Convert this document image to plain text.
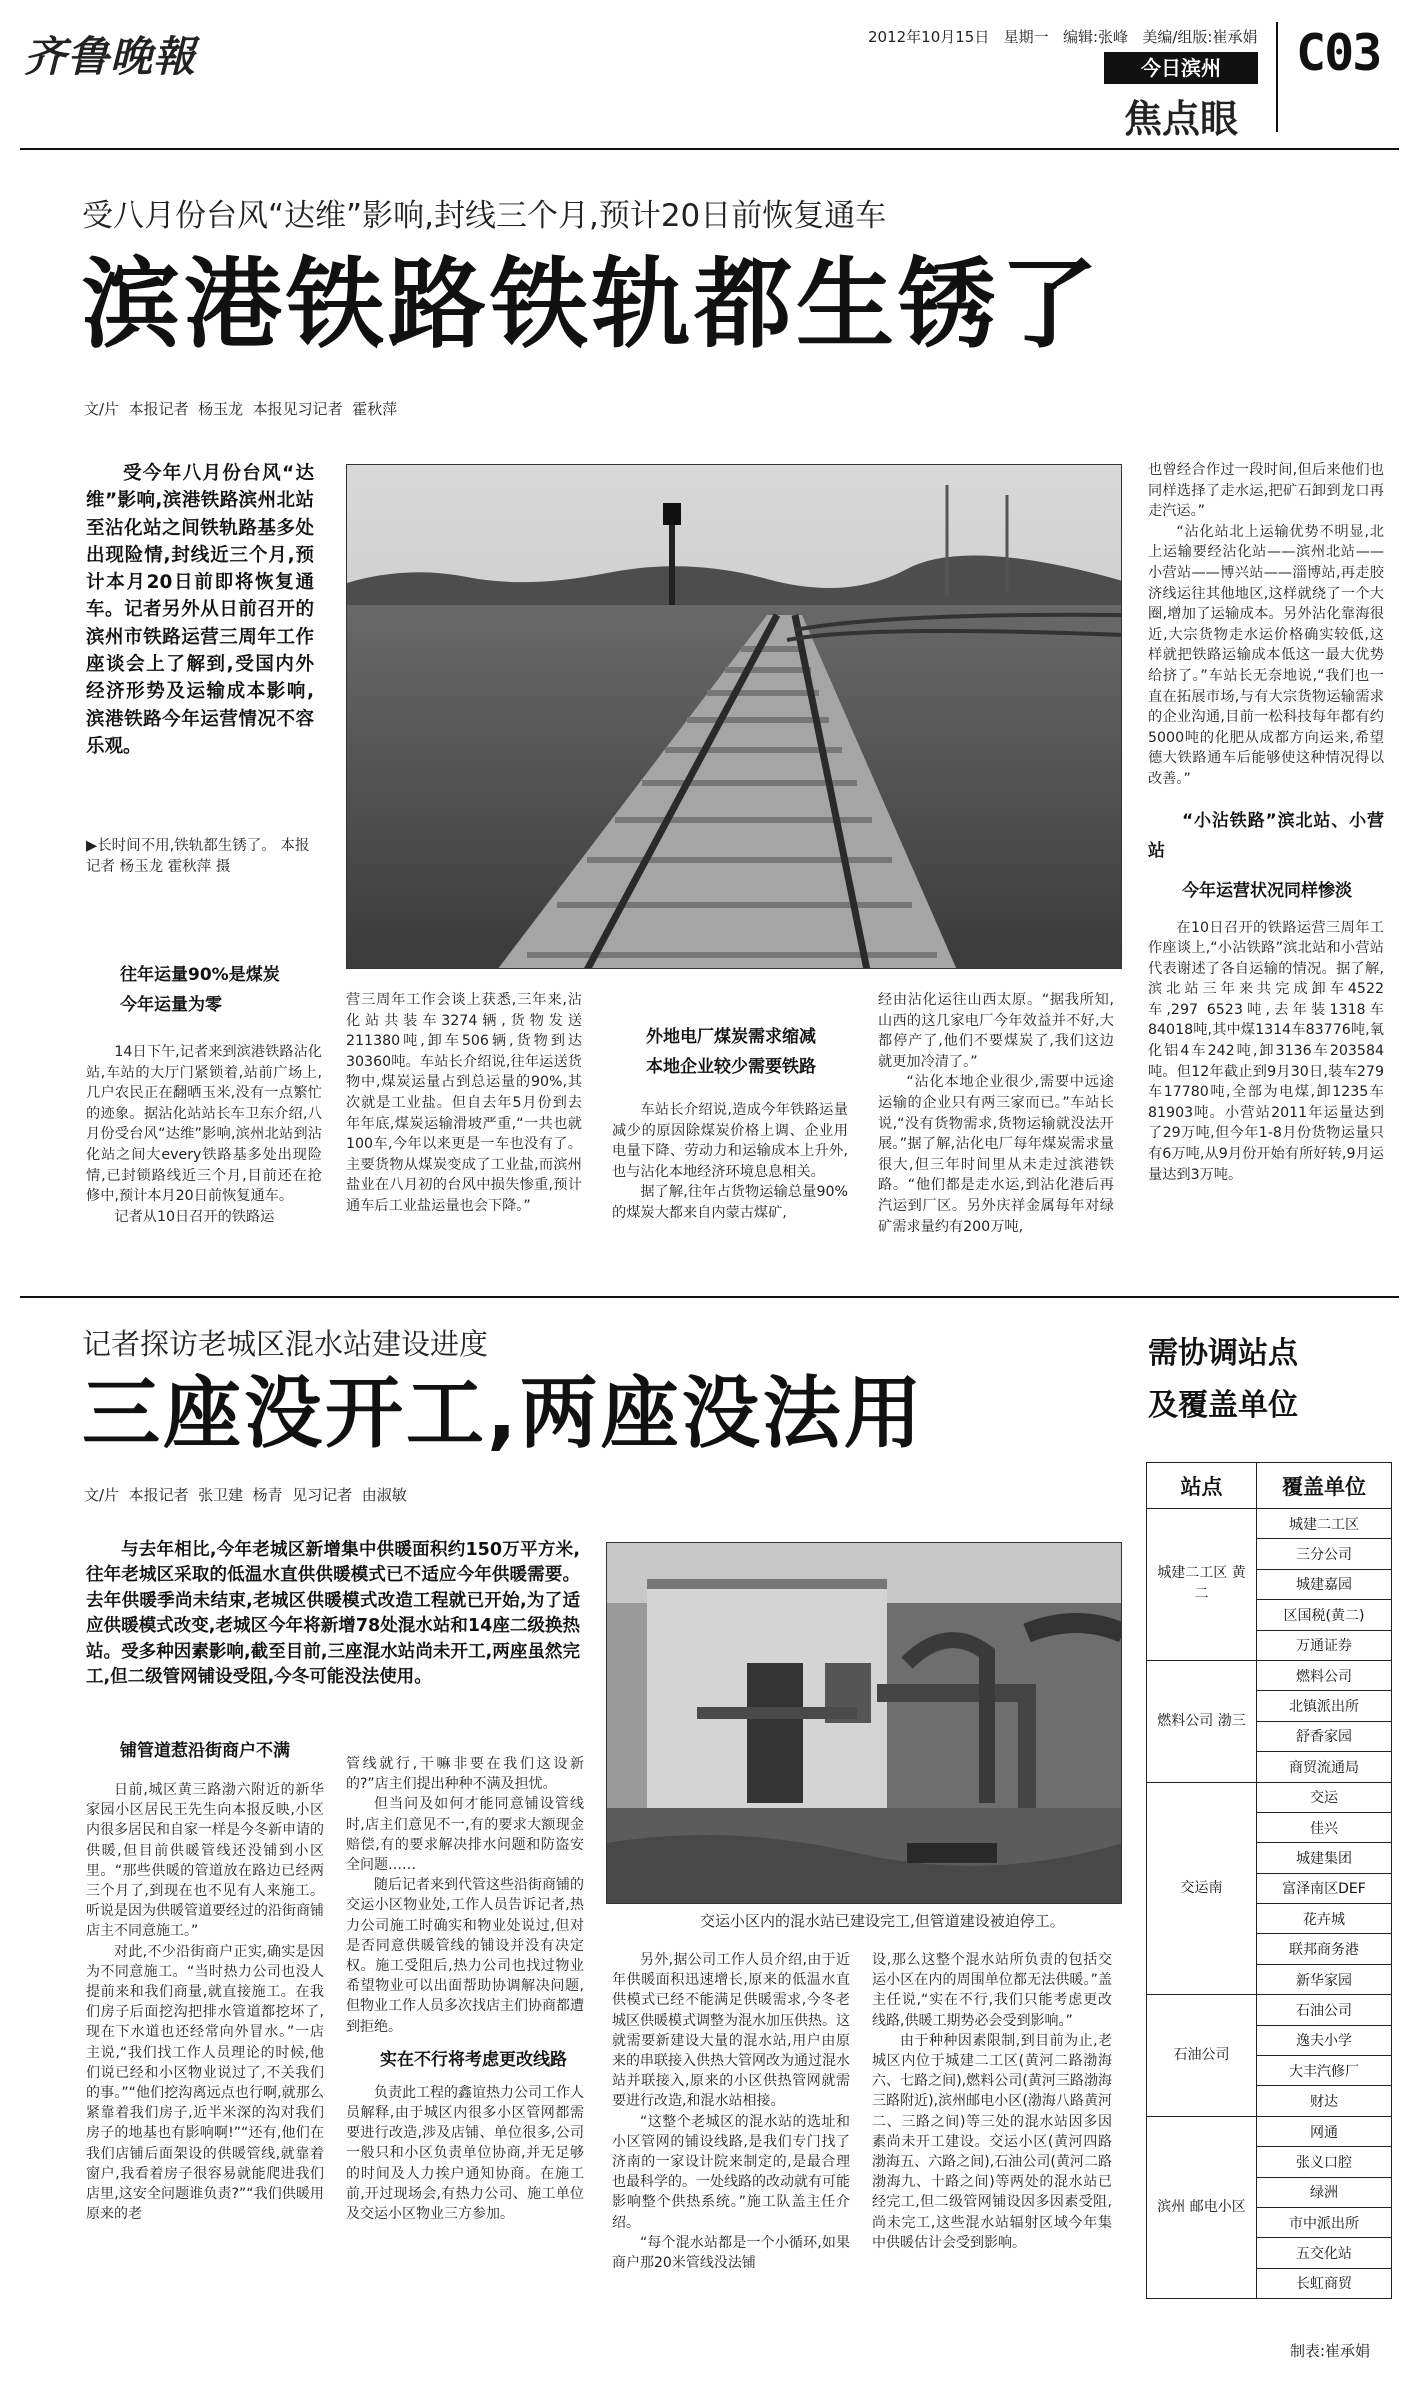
齐鲁晚報	2012年10月15日 星期一 编辑:张峰 美编/组版:崔承娟
今日滨州
焦点眼
C03
受八月份台风“达维”影响,封线三个月,预计20日前恢复通车
滨港铁路铁轨都生锈了
文/片  本报记者  杨玉龙  本报见习记者  霍秋萍

受今年八月份台风“达维”影响,滨港铁路滨州北站至沾化站之间铁轨路基多处出现险情,封线近三个月,预计本月20日前即将恢复通车。记者另外从日前召开的滨州市铁路运营三周年工作座谈会上了解到,受国内外经济形势及运输成本影响,滨港铁路今年运营情况不容乐观。

▶长时间不用,铁轨都生锈了。 本报记者 杨玉龙 霍秋萍 摄

往年运量90%是煤炭

今年运量为零

14日下午,记者来到滨港铁路沾化站,车站的大厅门紧锁着,站前广场上,几户农民正在翻晒玉米,没有一点繁忙的迹象。据沾化站站长车卫东介绍,八月份受台风“达维”影响,滨州北站到沾化站之间大every铁路基多处出现险情,已封锁路线近三个月,目前还在抢修中,预计本月20日前恢复通车。

记者从10日召开的铁路运

营三周年工作会谈上获悉,三年来,沾化站共装车3274辆,货物发送211380吨,卸车506辆,货物到达30360吨。车站长介绍说,往年运送货物中,煤炭运量占到总运量的90%,其次就是工业盐。但自去年5月份到去年年底,煤炭运输滑坡严重,“一共也就100车,今年以来更是一车也没有了。主要货物从煤炭变成了工业盐,而滨州盐业在八月初的台风中损失惨重,预计通车后工业盐运量也会下降。”

外地电厂煤炭需求缩减

本地企业较少需要铁路

车站长介绍说,造成今年铁路运量减少的原因除煤炭价格上调、企业用电量下降、劳动力和运输成本上升外,也与沾化本地经济环境息息相关。

据了解,往年占货物运输总量90%的煤炭大都来自内蒙古煤矿,

经由沾化运往山西太原。“据我所知,山西的这几家电厂今年效益并不好,大都停产了,他们不要煤炭了,我们这边就更加冷清了。”

“沾化本地企业很少,需要中远途运输的企业只有两三家而已。”车站长说,“没有货物需求,货物运输就没法开展。”据了解,沾化电厂每年煤炭需求量很大,但三年时间里从未走过滨港铁路。“他们都是走水运,到沾化港后再汽运到厂区。另外庆祥金属每年对绿矿需求量约有200万吨,

也曾经合作过一段时间,但后来他们也同样选择了走水运,把矿石卸到龙口再走汽运。”

“沾化站北上运输优势不明显,北上运输要经沾化站——滨州北站——小营站——博兴站——淄博站,再走胶济线运往其他地区,这样就绕了一个大圈,增加了运输成本。另外沾化靠海很近,大宗货物走水运价格确实较低,这样就把铁路运输成本低这一最大优势给挤了。”车站长无奈地说,“我们也一直在拓展市场,与有大宗货物运输需求的企业沟通,目前一松科技每年都有约5000吨的化肥从成都方向运来,希望德大铁路通车后能够使这种情况得以改善。”

“小沾铁路”滨北站、小营站

今年运营状况同样惨淡

在10日召开的铁路运营三周年工作座谈上,“小沾铁路”滨北站和小营站代表谢述了各自运输的情况。据了解,滨北站三年来共完成卸车4522车,297 6523吨,去年装1318车84018吨,其中煤1314车83776吨,氧化铝4车242吨,卸3136车203584吨。但12年截止到9月30日,装车279车17780吨,全部为电煤,卸1235车81903吨。小营站2011年运量达到了29万吨,但今年1-8月份货物运量只有6万吨,从9月份开始有所好转,9月运量达到3万吨。

记者探访老城区混水站建设进度
三座没开工,两座没法用
文/片  本报记者  张卫建  杨青  见习记者  由淑敏

与去年相比,今年老城区新增集中供暖面积约150万平方米,往年老城区采取的低温水直供供暖模式已不适应今年供暖需要。去年供暖季尚未结束,老城区供暖模式改造工程就已开始,为了适应供暖模式改变,老城区今年将新增78处混水站和14座二级换热站。受多种因素影响,截至目前,三座混水站尚未开工,两座虽然完工,但二级管网铺设受阻,今冬可能没法使用。

交运小区内的混水站已建设完工,但管道建设被迫停工。

铺管道惹沿街商户不满

日前,城区黄三路渤六附近的新华家园小区居民王先生向本报反映,小区内很多居民和自家一样是今冬新申请的供暖,但目前供暖管线还没铺到小区里。“那些供暖的管道放在路边已经两三个月了,到现在也不见有人来施工。听说是因为供暖管道要经过的沿街商铺店主不同意施工。”

对此,不少沿街商户正实,确实是因为不同意施工。“当时热力公司也没人提前来和我们商量,就直接施工。在我们房子后面挖沟把排水管道都挖坏了,现在下水道也还经常向外冒水。”一店主说,“我们找工作人员理论的时候,他们说已经和小区物业说过了,不关我们的事。”“他们挖沟离远点也行啊,就那么紧靠着我们房子,近半米深的沟对我们房子的地基也有影响啊!”“还有,他们在我们店铺后面架设的供暖管线,就靠着窗户,我看着房子很容易就能爬进我们店里,这安全问题谁负责?”“我们供暖用原来的老

管线就行,干嘛非要在我们这设新的?”店主们提出种种不满及担忧。

但当问及如何才能同意铺设管线时,店主们意见不一,有的要求大额现金赔偿,有的要求解决排水问题和防盗安全问题……

随后记者来到代管这些沿街商铺的交运小区物业处,工作人员告诉记者,热力公司施工时确实和物业处说过,但对是否同意供暖管线的铺设并没有决定权。施工受阻后,热力公司也找过物业希望物业可以出面帮助协调解决问题,但物业工作人员多次找店主们协商都遭到拒绝。

实在不行将考虑更改线路

负责此工程的鑫谊热力公司工作人员解释,由于城区内很多小区管网都需要进行改造,涉及店铺、单位很多,公司一般只和小区负责单位协商,并无足够的时间及人力挨户通知协商。在施工前,开过现场会,有热力公司、施工单位及交运小区物业三方参加。

另外,据公司工作人员介绍,由于近年供暖面积迅速增长,原来的低温水直供模式已经不能满足供暖需求,今冬老城区供暖模式调整为混水加压供热。这就需要新建设大量的混水站,用户由原来的串联接入供热大管网改为通过混水站并联接入,原来的小区供热管网就需要进行改造,和混水站相接。

“这整个老城区的混水站的选址和小区管网的铺设线路,是我们专门找了济南的一家设计院来制定的,是最合理也最科学的。一处线路的改动就有可能影响整个供热系统。”施工队盖主任介绍。

“每个混水站都是一个小循环,如果商户那20米管线没法铺

设,那么这整个混水站所负责的包括交运小区在内的周围单位都无法供暖。”盖主任说,“实在不行,我们只能考虑更改线路,供暖工期势必会受到影响。”

由于种种因素限制,到目前为止,老城区内位于城建二工区(黄河二路渤海六、七路之间),燃料公司(黄河三路渤海三路附近),滨州邮电小区(渤海八路黄河二、三路之间)等三处的混水站因多因素尚未开工建设。交运小区(黄河四路渤海五、六路之间),石油公司(黄河二路渤海九、十路之间)等两处的混水站已经完工,但二级管网铺设因多因素受阻,尚未完工,这些混水站辐射区域今年集中供暖估计会受到影响。

需协调站点
及覆盖单位
站点	覆盖单位
城建二工区 黄二	城建二工区
	三分公司
	城建嘉园
	区国税(黄二)
	万通证券
燃料公司 渤三	燃料公司
	北镇派出所
	舒香家园
	商贸流通局
交运南	交运
	佳兴
	城建集团
	富泽南区DEF
	花卉城
	联邦商务港
	新华家园
石油公司	石油公司
	逸夫小学
	大丰汽修厂
	财达
滨州 邮电小区	网通
	张义口腔
	绿洲
	市中派出所
	五交化站
	长虹商贸
制表:崔承娟
